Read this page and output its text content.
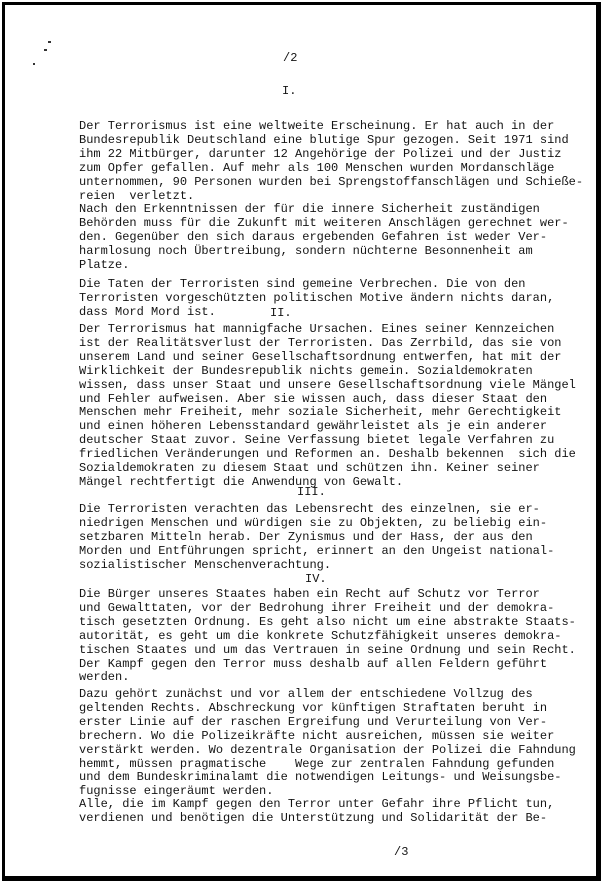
/2
I.
II.
III.
IV.
Der Terrorismus ist eine weltweite Erscheinung. Er hat auch in der
Bundesrepublik Deutschland eine blutige Spur gezogen. Seit 1971 sind
ihm 22 Mitbürger, darunter 12 Angehörige der Polizei und der Justiz
zum Opfer gefallen. Auf mehr als 100 Menschen wurden Mordanschläge
unternommen, 90 Personen wurden bei Sprengstoffanschlägen und Schieße-
reien  verletzt.
Nach den Erkenntnissen der für die innere Sicherheit zuständigen
Behörden muss für die Zukunft mit weiteren Anschlägen gerechnet wer-
den. Gegenüber den sich daraus ergebenden Gefahren ist weder Ver-
harmlosung noch Übertreibung, sondern nüchterne Besonnenheit am
Platze.
Die Taten der Terroristen sind gemeine Verbrechen. Die von den
Terroristen vorgeschützten politischen Motive ändern nichts daran,
dass Mord Mord ist.
Der Terrorismus hat mannigfache Ursachen. Eines seiner Kennzeichen
ist der Realitätsverlust der Terroristen. Das Zerrbild, das sie von
unserem Land und seiner Gesellschaftsordnung entwerfen, hat mit der
Wirklichkeit der Bundesrepublik nichts gemein. Sozialdemokraten
wissen, dass unser Staat und unsere Gesellschaftsordnung viele Mängel
und Fehler aufweisen. Aber sie wissen auch, dass dieser Staat den
Menschen mehr Freiheit, mehr soziale Sicherheit, mehr Gerechtigkeit
und einen höheren Lebensstandard gewährleistet als je ein anderer
deutscher Staat zuvor. Seine Verfassung bietet legale Verfahren zu
friedlichen Veränderungen und Reformen an. Deshalb bekennen  sich die
Sozialdemokraten zu diesem Staat und schützen ihn. Keiner seiner
Mängel rechtfertigt die Anwendung von Gewalt.
Die Terroristen verachten das Lebensrecht des einzelnen, sie er-
niedrigen Menschen und würdigen sie zu Objekten, zu beliebig ein-
setzbaren Mitteln herab. Der Zynismus und der Hass, der aus den
Morden und Entführungen spricht, erinnert an den Ungeist national-
sozialistischer Menschenverachtung.
Die Bürger unseres Staates haben ein Recht auf Schutz vor Terror
und Gewalttaten, vor der Bedrohung ihrer Freiheit und der demokra-
tisch gesetzten Ordnung. Es geht also nicht um eine abstrakte Staats-
autorität, es geht um die konkrete Schutzfähigkeit unseres demokra-
tischen Staates und um das Vertrauen in seine Ordnung und sein Recht.
Der Kampf gegen den Terror muss deshalb auf allen Feldern geführt
werden.
Dazu gehört zunächst und vor allem der entschiedene Vollzug des
geltenden Rechts. Abschreckung vor künftigen Straftaten beruht in
erster Linie auf der raschen Ergreifung und Verurteilung von Ver-
brechern. Wo die Polizeikräfte nicht ausreichen, müssen sie weiter
verstärkt werden. Wo dezentrale Organisation der Polizei die Fahndung
hemmt, müssen pragmatische    Wege zur zentralen Fahndung gefunden
und dem Bundeskriminalamt die notwendigen Leitungs- und Weisungsbe-
fugnisse eingeräumt werden.
Alle, die im Kampf gegen den Terror unter Gefahr ihre Pflicht tun,
verdienen und benötigen die Unterstützung und Solidarität der Be-
/3
